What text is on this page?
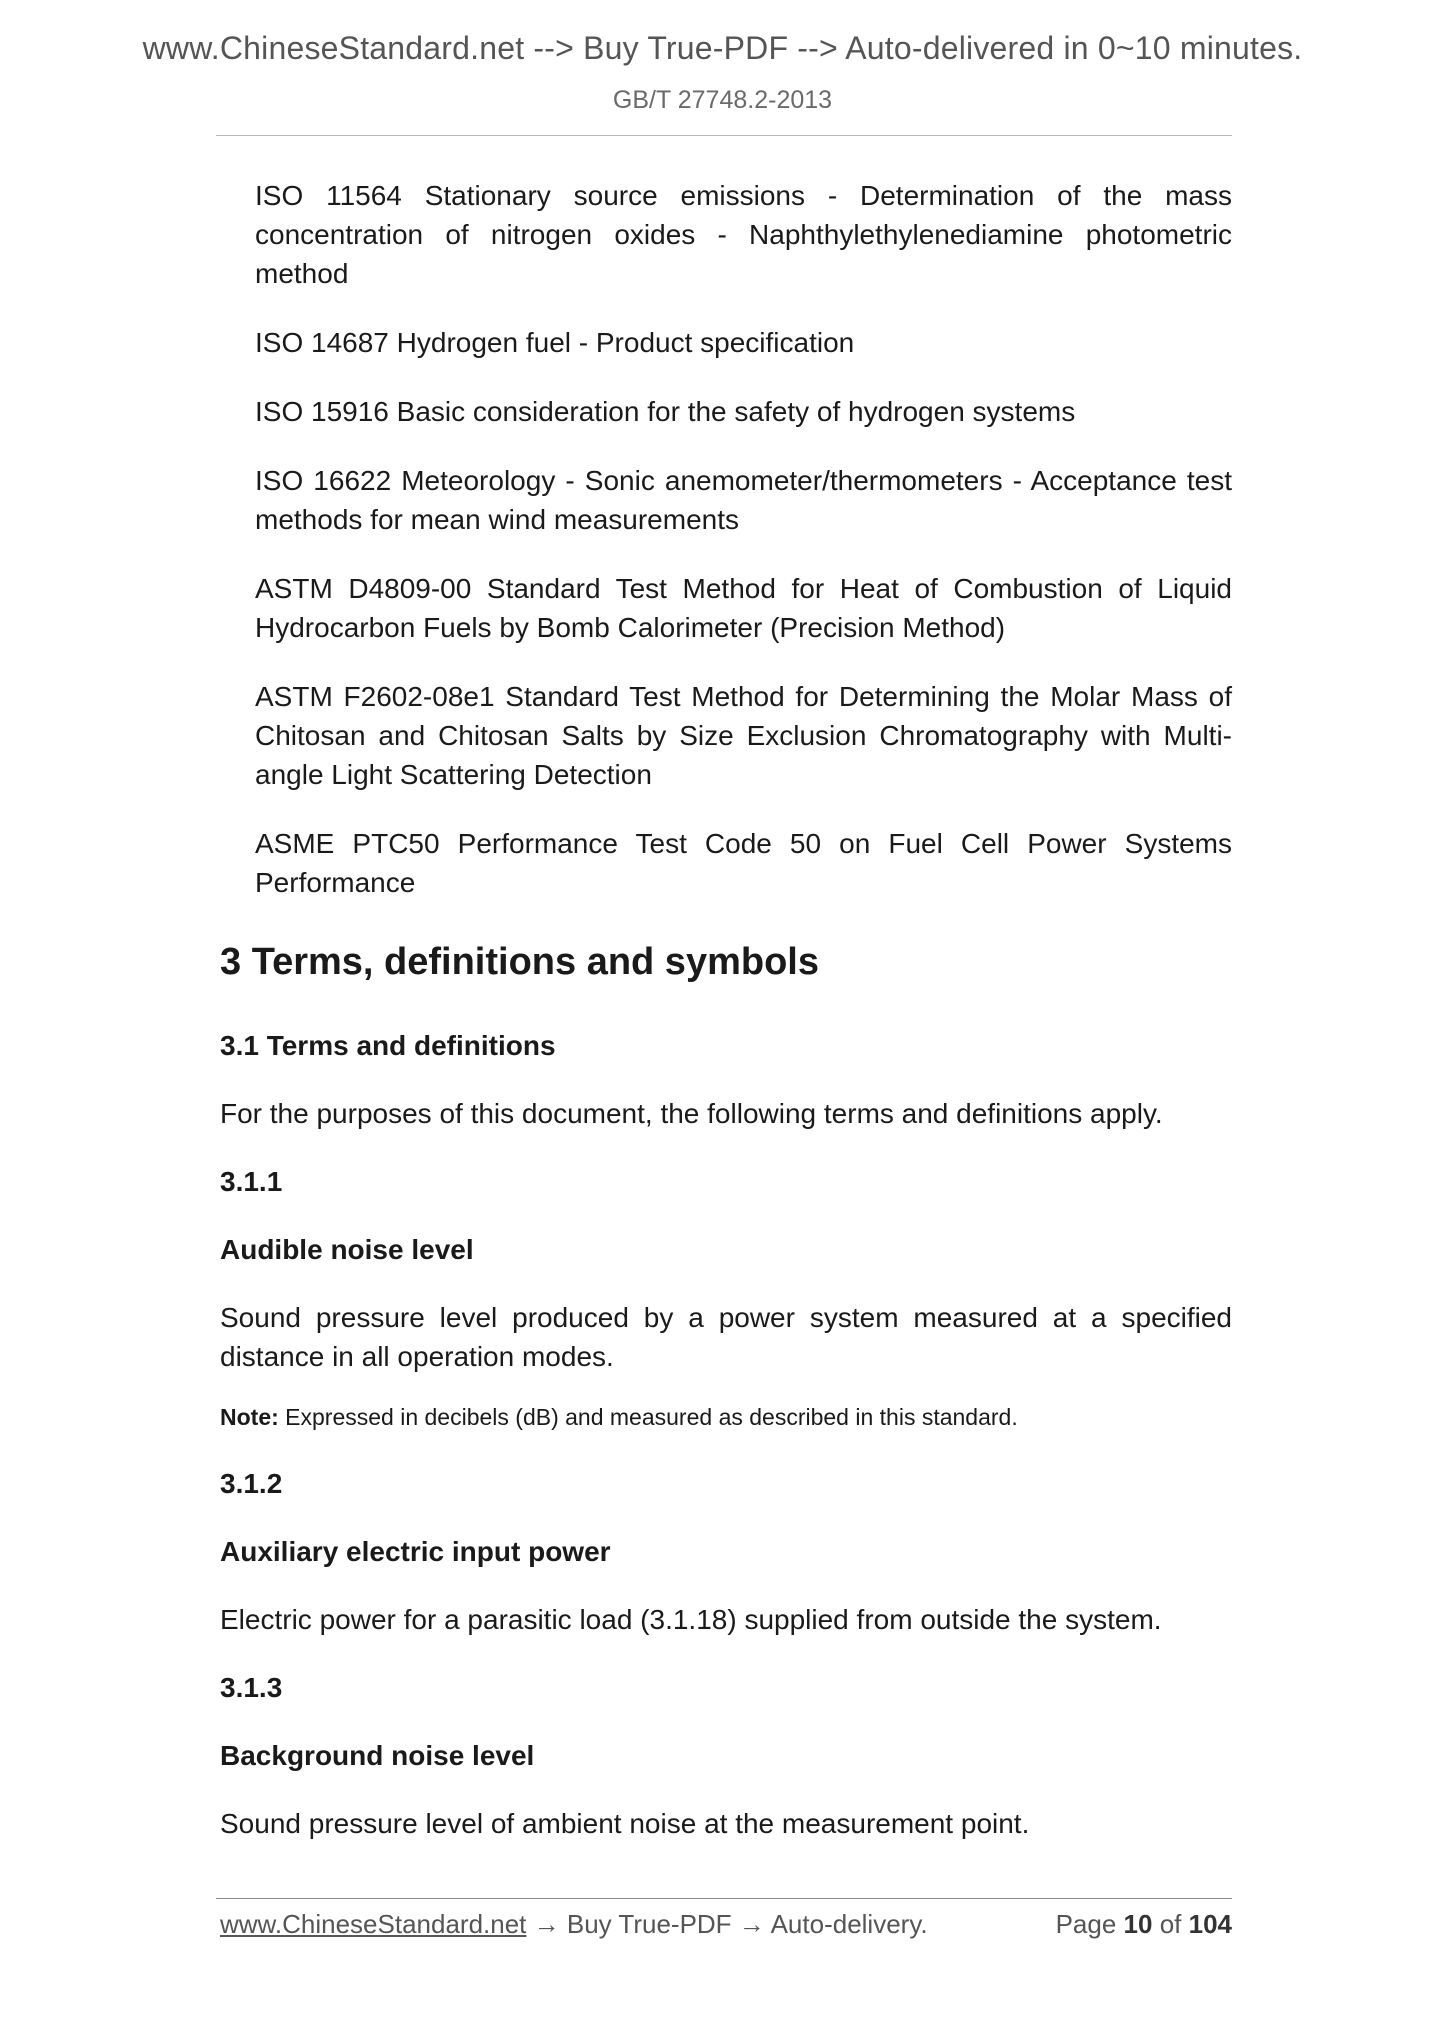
www.ChineseStandard.net --> Buy True-PDF --> Auto-delivered in 0~10 minutes.
GB/T 27748.2-2013

ISO 11564 Stationary source emissions - Determination of the mass concentration of nitrogen oxides - Naphthylethylenediamine photometric method

ISO 14687 Hydrogen fuel - Product specification

ISO 15916 Basic consideration for the safety of hydrogen systems

ISO 16622 Meteorology - Sonic anemometer/thermometers - Acceptance test methods for mean wind measurements

ASTM D4809-00 Standard Test Method for Heat of Combustion of Liquid Hydrocarbon Fuels by Bomb Calorimeter (Precision Method)

ASTM F2602-08e1 Standard Test Method for Determining the Molar Mass of Chitosan and Chitosan Salts by Size Exclusion Chromatography with Multi-angle Light Scattering Detection

ASME PTC50 Performance Test Code 50 on Fuel Cell Power Systems Performance

3 Terms, definitions and symbols
3.1 Terms and definitions

For the purposes of this document, the following terms and definitions apply.

3.1.1
Audible noise level

Sound pressure level produced by a power system measured at a specified distance in all operation modes.

Note: Expressed in decibels (dB) and measured as described in this standard.
3.1.2
Auxiliary electric input power

Electric power for a parasitic load (3.1.18) supplied from outside the system.

3.1.3
Background noise level

Sound pressure level of ambient noise at the measurement point.

www.ChineseStandard.net → Buy True-PDF → Auto-delivery.	Page 10 of 104
